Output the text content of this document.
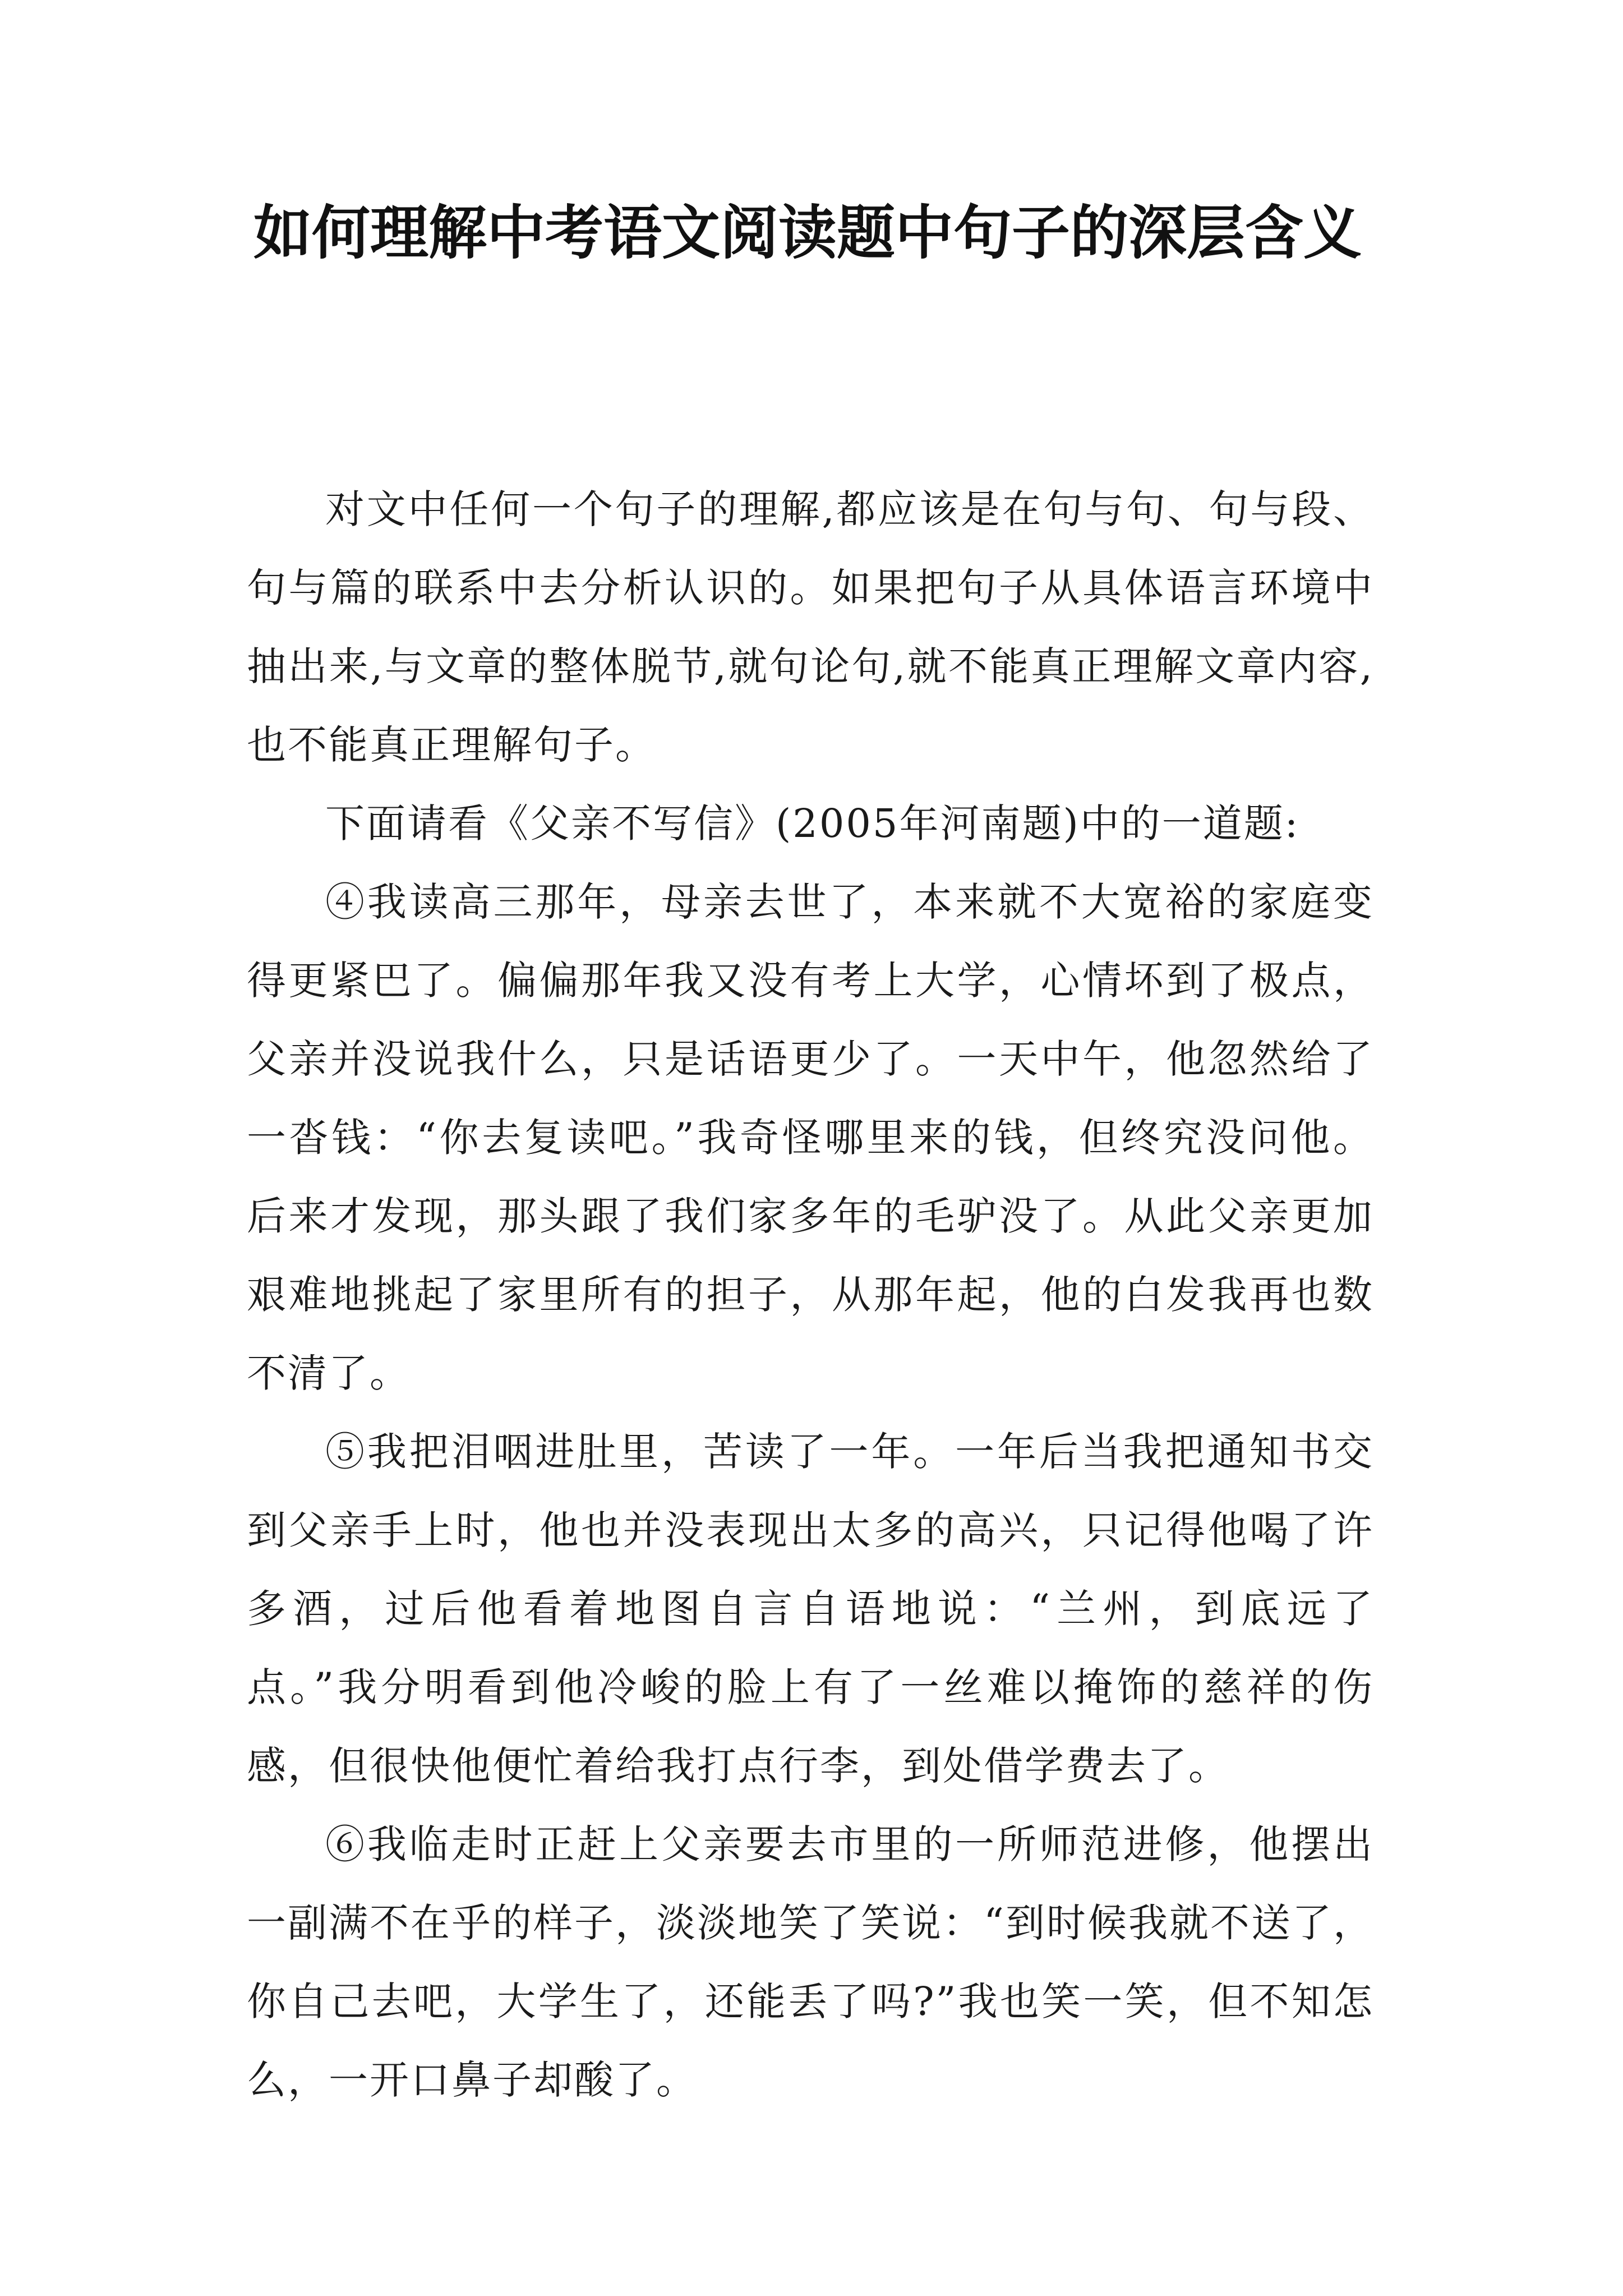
如何理解中考语文阅读题中句子的深层含义

对文中任何一个句子的理解,都应该是在句与句、句与段、句与篇的联系中去分析认识的。如果把句子从具体语言环境中抽出来,与文章的整体脱节,就句论句,就不能真正理解文章内容,也不能真正理解句子。

下面请看《父亲不写信》(2005年河南题)中的一道题:

④我读高三那年，母亲去世了，本来就不大宽裕的家庭变得更紧巴了。偏偏那年我又没有考上大学，心情坏到了极点，父亲并没说我什么，只是话语更少了。一天中午，他忽然给了一沓钱：“你去复读吧。”我奇怪哪里来的钱，但终究没问他。后来才发现，那头跟了我们家多年的毛驴没了。从此父亲更加艰难地挑起了家里所有的担子，从那年起，他的白发我再也数不清了。

⑤我把泪咽进肚里，苦读了一年。一年后当我把通知书交到父亲手上时，他也并没表现出太多的高兴，只记得他喝了许多酒，过后他看着地图自言自语地说：“兰州，到底远了点。”我分明看到他冷峻的脸上有了一丝难以掩饰的慈祥的伤感，但很快他便忙着给我打点行李，到处借学费去了。

⑥我临走时正赶上父亲要去市里的一所师范进修，他摆出一副满不在乎的样子，淡淡地笑了笑说：“到时候我就不送了，你自己去吧，大学生了，还能丢了吗?”我也笑一笑，但不知怎么，一开口鼻子却酸了。
